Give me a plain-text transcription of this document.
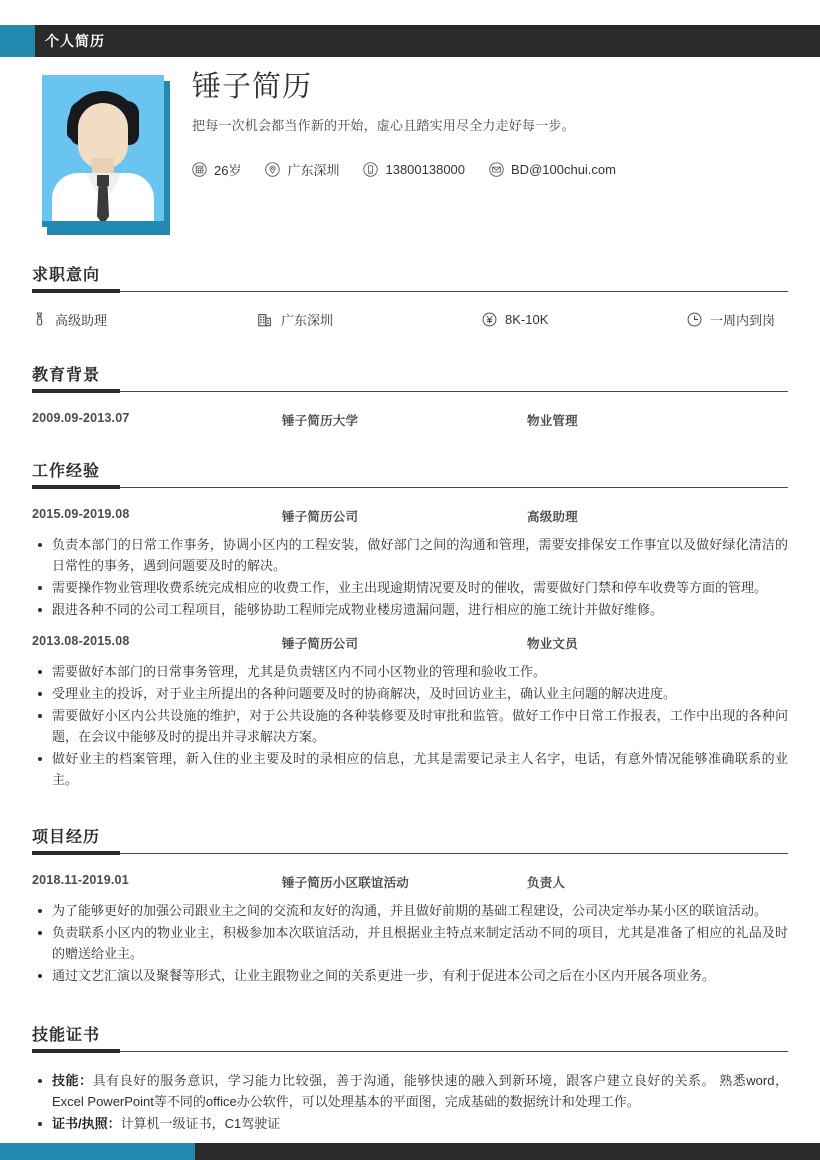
个人简历
锤子简历
把每一次机会都当作新的开始，虚心且踏实用尽全力走好每一步。
26岁	广东深圳	13800138000	BD@100chui.com
求职意向
高级助理	广东深圳	8K-10K	一周内到岗
教育背景
2009.09-2013.07	锤子简历大学	物业管理
工作经验
2015.09-2019.08	锤子简历公司	高级助理
负责本部门的日常工作事务，协调小区内的工程安装，做好部门之间的沟通和管理，需要安排保安工作事宜以及做好绿化清洁的日常性的事务，遇到问题要及时的解决。
需要操作物业管理收费系统完成相应的收费工作，业主出现逾期情况要及时的催收，需要做好门禁和停车收费等方面的管理。
跟进各种不同的公司工程项目，能够协助工程师完成物业楼房遗漏问题，进行相应的施工统计并做好维修。
2013.08-2015.08	锤子简历公司	物业文员
需要做好本部门的日常事务管理，尤其是负责辖区内不同小区物业的管理和验收工作。
受理业主的投诉，对于业主所提出的各种问题要及时的协商解决，及时回访业主，确认业主问题的解决进度。
需要做好小区内公共设施的维护，对于公共设施的各种装修要及时审批和监管。做好工作中日常工作报表，工作中出现的各种问题，在会议中能够及时的提出并寻求解决方案。
做好业主的档案管理，新入住的业主要及时的录相应的信息，尤其是需要记录主人名字，电话，有意外情况能够准确联系的业主。
项目经历
2018.11-2019.01	锤子简历小区联谊活动	负责人
为了能够更好的加强公司跟业主之间的交流和友好的沟通，并且做好前期的基础工程建设，公司决定举办某小区的联谊活动。
负责联系小区内的物业业主，积极参加本次联谊活动，并且根据业主特点来制定活动不同的项目，尤其是准备了相应的礼品及时的赠送给业主。
通过文艺汇演以及聚餐等形式，让业主跟物业之间的关系更进一步，有利于促进本公司之后在小区内开展各项业务。
技能证书
技能：具有良好的服务意识，学习能力比较强，善于沟通，能够快速的融入到新环境，跟客户建立良好的关系。 熟悉word，Excel PowerPoint等不同的office办公软件，可以处理基本的平面图，完成基础的数据统计和处理工作。
证书/执照：计算机一级证书，C1驾驶证
